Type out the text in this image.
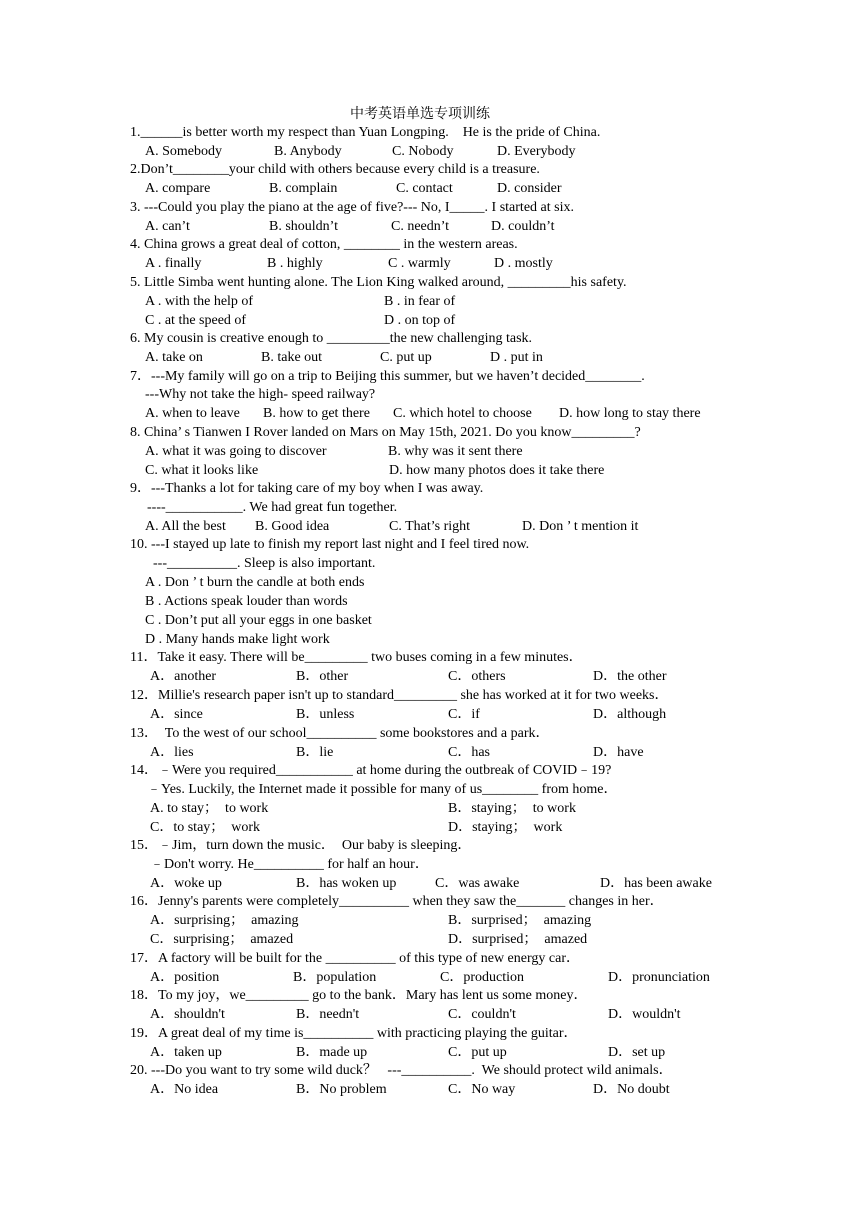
中考英语单选专项训练
1.______is better worth my respect than Yuan Longping.    He is the pride of China.
A. Somebody	B. Anybody	C. Nobody	D. Everybody
2.Don’t________your child with others because every child is a treasure.
A. compare	B. complain	C. contact	D. consider
3. ---Could you play the piano at the age of five?--- No, I_____. I started at six.
A. can’t	B. shouldn’t	C. needn’t	D. couldn’t
4. China grows a great deal of cotton, ________ in the western areas.
A . finally	B . highly	C . warmly	D . mostly
5. Little Simba went hunting alone. The Lion King walked around, _________his safety.
A . with the help of	B . in fear of
C . at the speed of	D . on top of
6. My cousin is creative enough to _________the new challenging task.
A. take on	B. take out	C. put up	D . put in
7．---My family will go on a trip to Beijing this summer, but we haven’t decided________.
---Why not take the high- speed railway?
A. when to leave B. how to get there C. which hotel to choose D. how long to stay there
8. China’ s Tianwen I Rover landed on Mars on May 15th, 2021. Do you know_________?
A. what it was going to discover	B. why was it sent there
C. what it looks like	D. how many photos does it take there
9．---Thanks a lot for taking care of my boy when I was away.
----___________. We had great fun together.
A. All the best B. Good idea	C. That’s right	D. Don ’ t mention it
10. ---I stayed up late to finish my report last night and I feel tired now.
---__________. Sleep is also important.
A . Don ’ t burn the candle at both ends
B . Actions speak louder than words
C . Don’t put all your eggs in one basket
D . Many hands make light work
11．Take it easy. There will be_________ two buses coming in a few minutes．
A．another	B．other	C．others	D．the other
12．Millie's research paper isn't up to standard_________ she has worked at it for two weeks．
A．since	B．unless	C．if	D．although
13．  To the west of our school__________ some bookstores and a park．
A．lies	B．lie	C．has	D．have
14．﹣Were you required___________ at home during the outbreak of COVID﹣19?
﹣Yes. Luckily, the Internet made it possible for many of us________ from home．
A. to stay；  to work	B．staying；  to work
C．to stay；  work	D．staying；  work
15．﹣Jim，turn down the music．  Our baby is sleeping．
﹣Don't worry. He__________ for half an hour．
A．woke up	B．has woken up	C．was awake	D．has been awake
16．Jenny's parents were completely__________ when they saw the_______ changes in her．
A．surprising；  amazing	B．surprised；  amazing
C．surprising；  amazed	D．surprised；  amazed
17．A factory will be built for the __________ of this type of new energy car．
A．position	B．population	C．production	D．pronunciation
18．To my joy，we_________ go to the bank．Mary has lent us some money．
A．shouldn't	B．needn't	C．couldn't	D．wouldn't
19．A great deal of my time is__________ with practicing playing the guitar．
A．taken up	B．made up	C．put up	D．set up
20. ---Do you want to try some wild duck？   ---__________.  We should protect wild animals．
A．No idea	B．No problem	C．No way	D．No doubt
